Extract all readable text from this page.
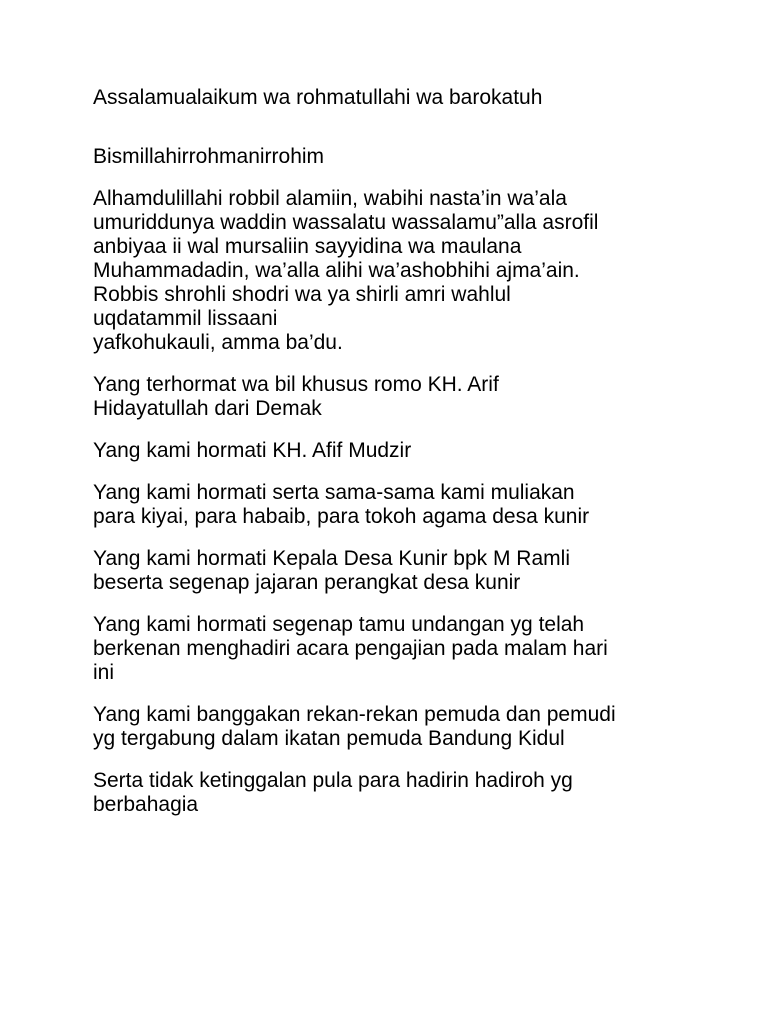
Assalamualaikum wa rohmatullahi wa barokatuh

Bismillahirrohmanirrohim

Alhamdulillahi robbil alamiin, wabihi nasta’in wa’ala
umuriddunya waddin wassalatu wassalamu”alla asrofil
anbiyaa ii wal mursaliin sayyidina wa maulana
Muhammadadin, wa’alla alihi wa’ashobhihi ajma’ain.
Robbis shrohli shodri wa ya shirli amri wahlul
uqdatammil lissaani
yafkohukauli, amma ba’du.

Yang terhormat wa bil khusus romo KH. Arif
Hidayatullah dari Demak

Yang kami hormati KH. Afif Mudzir

Yang kami hormati serta sama-sama kami muliakan
para kiyai, para habaib, para tokoh agama desa kunir

Yang kami hormati Kepala Desa Kunir bpk M Ramli
beserta segenap jajaran perangkat desa kunir

Yang kami hormati segenap tamu undangan yg telah
berkenan menghadiri acara pengajian pada malam hari
ini

Yang kami banggakan rekan-rekan pemuda dan pemudi
yg tergabung dalam ikatan pemuda Bandung Kidul

Serta tidak ketinggalan pula para hadirin hadiroh yg
berbahagia
